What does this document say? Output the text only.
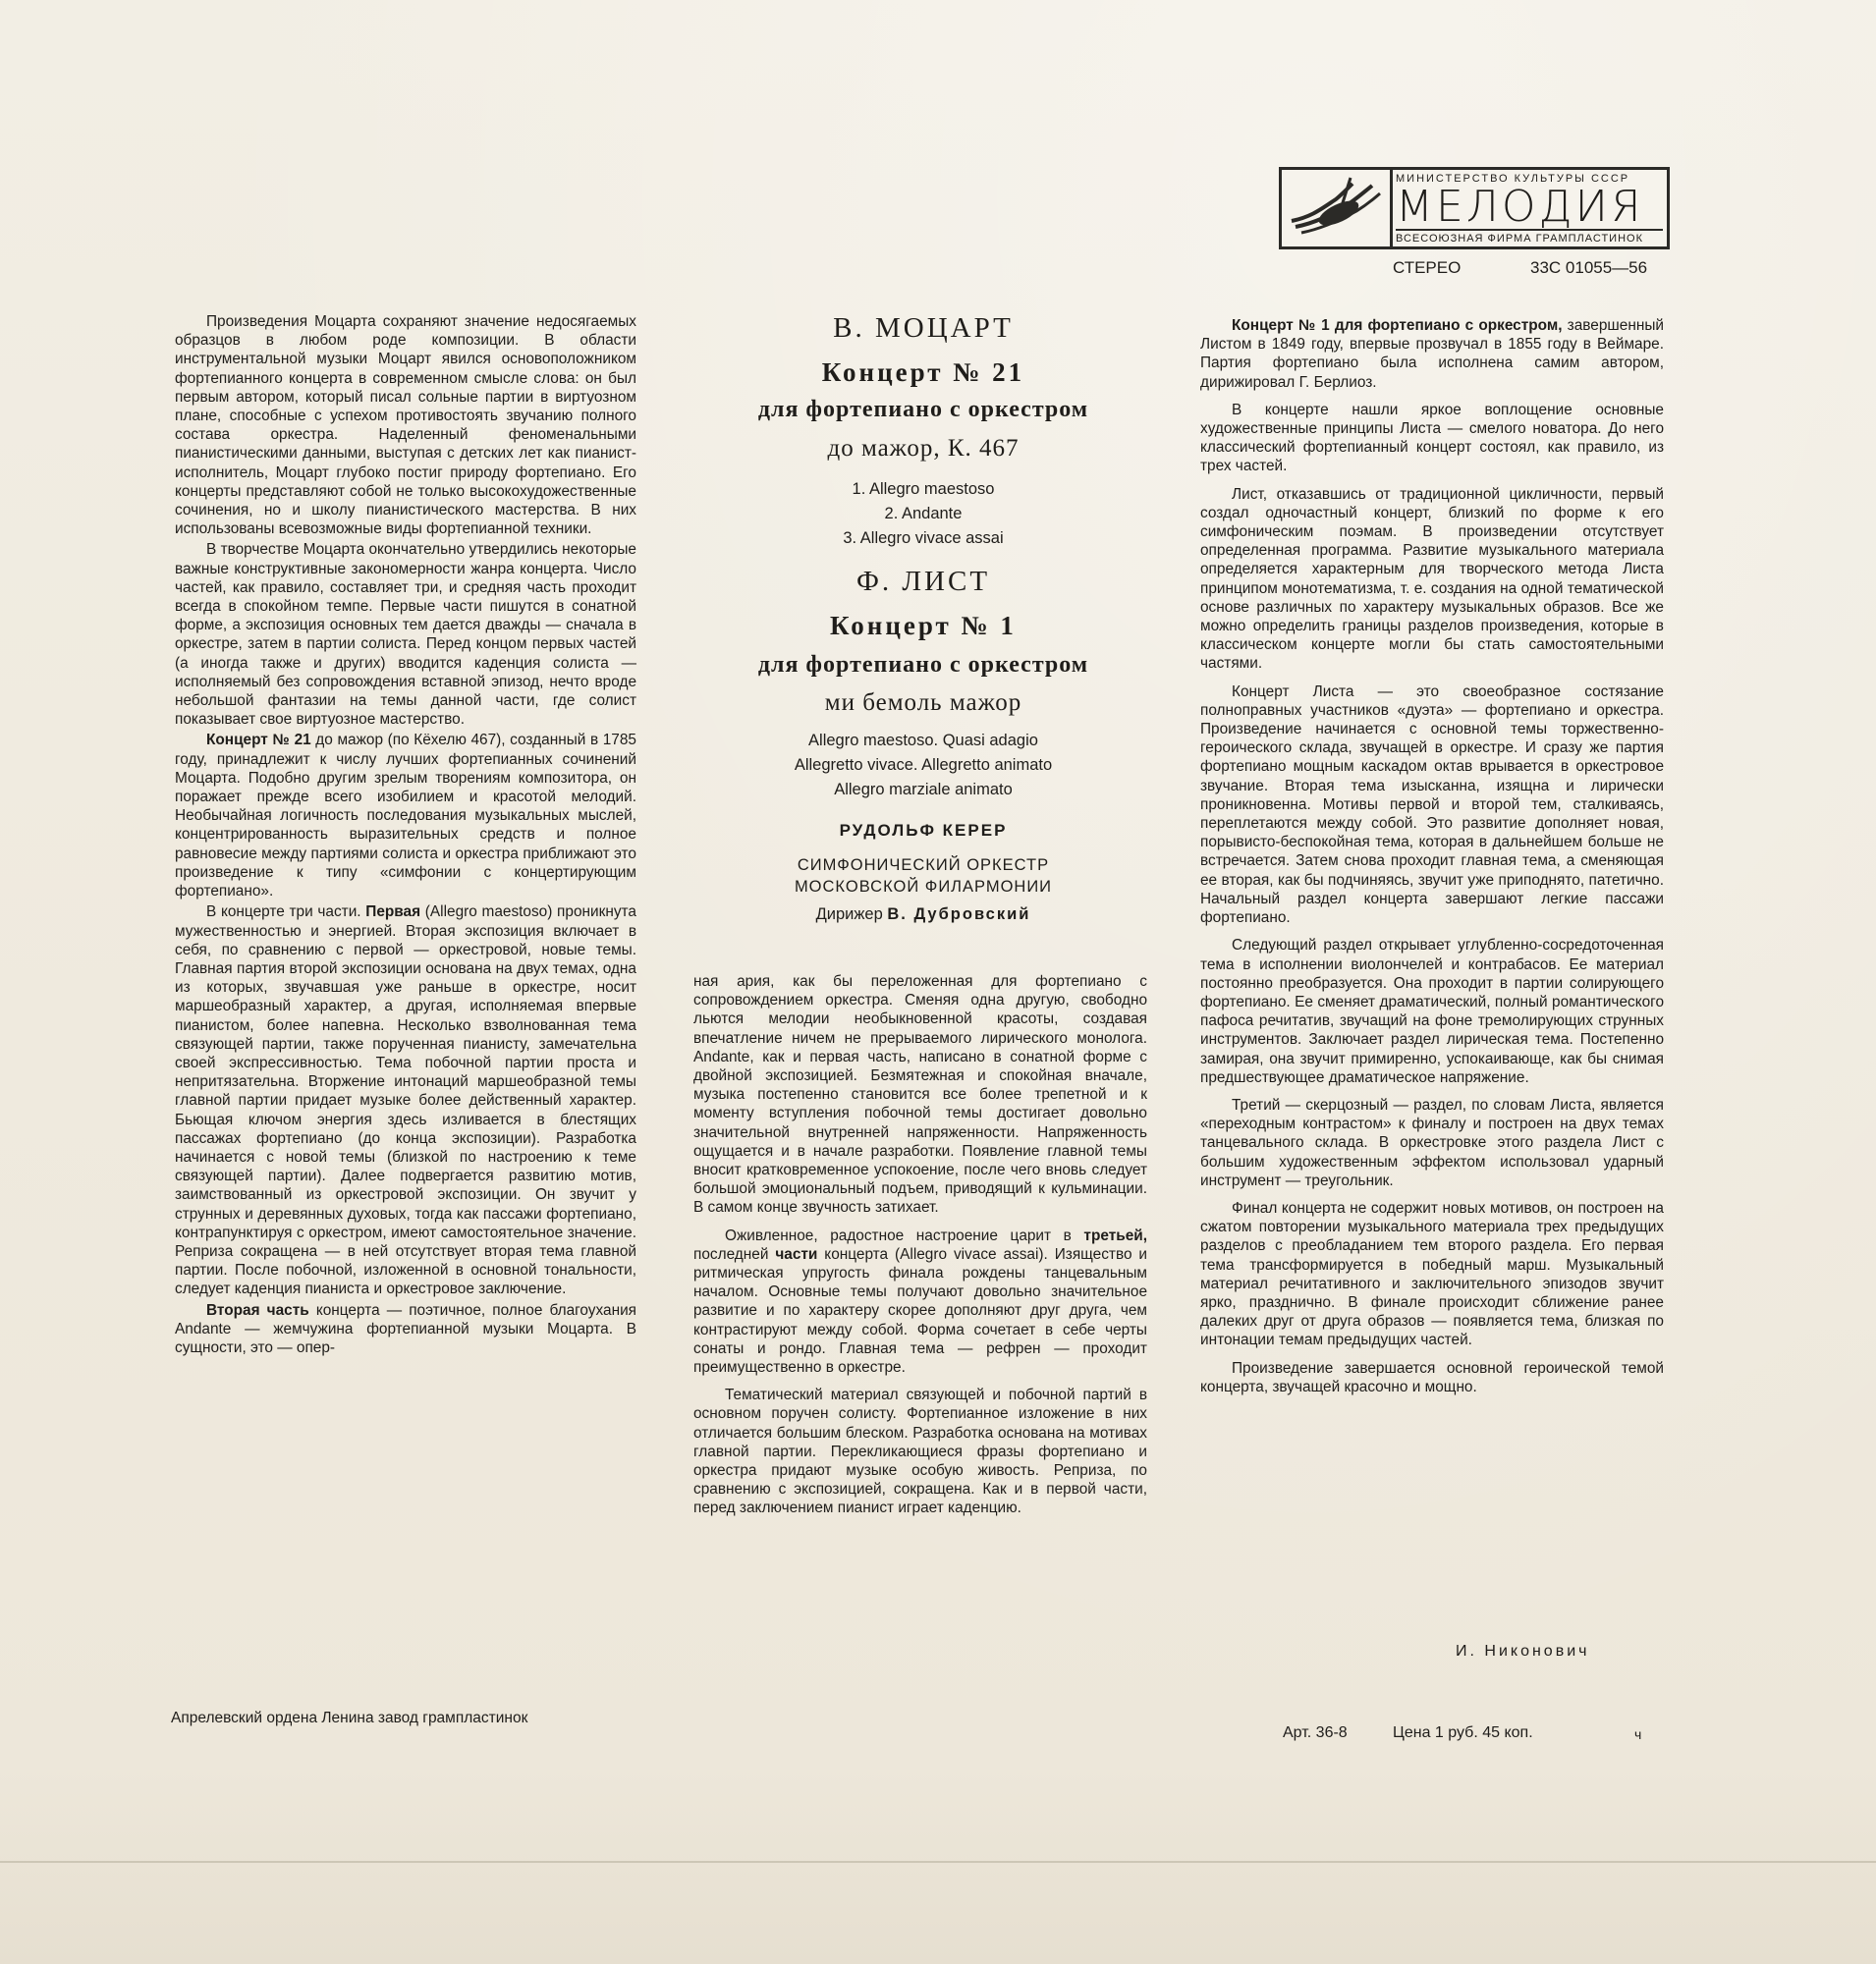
МИНИСТЕРСТВО КУЛЬТУРЫ СССР
МЕЛОДИЯ
ВСЕСОЮЗНАЯ ФИРМА ГРАМПЛАСТИНОК
СТЕРЕО	33С 01055—56

Произведения Моцарта сохраняют значение недосягаемых образцов в любом роде композиции. В области инструментальной музыки Моцарт явился основоположником фортепианного концерта в современном смысле слова: он был первым автором, который писал сольные партии в виртуозном плане, способные с успехом противостоять звучанию полного состава оркестра. Наделенный феноменальными пианистическими данными, выступая с детских лет как пианист-исполнитель, Моцарт глубоко постиг природу фортепиано. Его концерты представляют собой не только высокохудожественные сочинения, но и школу пианистического мастерства. В них использованы всевозможные виды фортепианной техники.

В творчестве Моцарта окончательно утвердились некоторые важные конструктивные закономерности жанра концерта. Число частей, как правило, составляет три, и средняя часть проходит всегда в спокойном темпе. Первые части пишутся в сонатной форме, а экспозиция основных тем дается дважды — сначала в оркестре, затем в партии солиста. Перед концом первых частей (а иногда также и других) вводится каденция солиста — исполняемый без сопровождения вставной эпизод, нечто вроде небольшой фантазии на темы данной части, где солист показывает свое виртуозное мастерство.

Концерт № 21 до мажор (по Кёхелю 467), созданный в 1785 году, принадлежит к числу лучших фортепианных сочинений Моцарта. Подобно другим зрелым творениям композитора, он поражает прежде всего изобилием и красотой мелодий. Необычайная логичность последования музыкальных мыслей, концентрированность выразительных средств и полное равновесие между партиями солиста и оркестра приближают это произведение к типу «симфонии с концертирующим фортепиано».

В концерте три части. Первая (Allegro maestoso) проникнута мужественностью и энергией. Вторая экспозиция включает в себя, по сравнению с первой — оркестровой, новые темы. Главная партия второй экспозиции основана на двух темах, одна из которых, звучавшая уже раньше в оркестре, носит маршеобразный характер, а другая, исполняемая впервые пианистом, более напевна. Несколько взволнованная тема связующей партии, также порученная пианисту, замечательна своей экспрессивностью. Тема побочной партии проста и непритязательна. Вторжение интонаций маршеобразной темы главной партии придает музыке более действенный характер. Бьющая ключом энергия здесь изливается в блестящих пассажах фортепиано (до конца экспозиции). Разработка начинается с новой темы (близкой по настроению к теме связующей партии). Далее подвергается развитию мотив, заимствованный из оркестровой экспозиции. Он звучит у струнных и деревянных духовых, тогда как пассажи фортепиано, контрапунктируя с оркестром, имеют самостоятельное значение. Реприза сокращена — в ней отсутствует вторая тема главной партии. После побочной, изложенной в основной тональности, следует каденция пианиста и оркестровое заключение.

Вторая часть концерта — поэтичное, полное благоухания Andante — жемчужина фортепианной музыки Моцарта. В сущности, это — опер-

В. МОЦАРТ
Концерт № 21
для фортепиано с оркестром
до мажор, К. 467
1. Allegro maestoso
2. Andante
3. Allegro vivace assai
Ф. ЛИСТ
Концерт № 1
для фортепиано с оркестром
ми бемоль мажор
Allegro maestoso. Quasi adagio
Allegretto vivace. Allegretto animato
Allegro marziale animato
РУДОЛЬФ КЕРЕР
СИМФОНИЧЕСКИЙ ОРКЕСТР
МОСКОВСКОЙ ФИЛАРМОНИИ
Дирижер В. Дубровский

ная ария, как бы переложенная для фортепиано с сопровождением оркестра. Сменяя одна другую, свободно льются мелодии необыкновенной красоты, создавая впечатление ничем не прерываемого лирического монолога. Andante, как и первая часть, написано в сонатной форме с двойной экспозицией. Безмятежная и спокойная вначале, музыка постепенно становится все более трепетной и к моменту вступления побочной темы достигает довольно значительной внутренней напряженности. Напряженность ощущается и в начале разработки. Появление главной темы вносит кратковременное успокоение, после чего вновь следует большой эмоциональный подъем, приводящий к кульминации. В самом конце звучность затихает.

Оживленное, радостное настроение царит в третьей, последней части концерта (Allegro vivace assai). Изящество и ритмическая упругость финала рождены танцевальным началом. Основные темы получают довольно значительное развитие и по характеру скорее дополняют друг друга, чем контрастируют между собой. Форма сочетает в себе черты сонаты и рондо. Главная тема — рефрен — проходит преимущественно в оркестре.

Тематический материал связующей и побочной партий в основном поручен солисту. Фортепианное изложение в них отличается большим блеском. Разработка основана на мотивах главной партии. Перекликающиеся фразы фортепиано и оркестра придают музыке особую живость. Реприза, по сравнению с экспозицией, сокращена. Как и в первой части, перед заключением пианист играет каденцию.

Концерт № 1 для фортепиано с оркестром, завершенный Листом в 1849 году, впервые прозвучал в 1855 году в Веймаре. Партия фортепиано была исполнена самим автором, дирижировал Г. Берлиоз.

В концерте нашли яркое воплощение основные художественные принципы Листа — смелого новатора. До него классический фортепианный концерт состоял, как правило, из трех частей.

Лист, отказавшись от традиционной цикличности, первый создал одночастный концерт, близкий по форме к его симфоническим поэмам. В произведении отсутствует определенная программа. Развитие музыкального материала определяется характерным для творческого метода Листа принципом монотематизма, т. е. создания на одной тематической основе различных по характеру музыкальных образов. Все же можно определить границы разделов произведения, которые в классическом концерте могли бы стать самостоятельными частями.

Концерт Листа — это своеобразное состязание полноправных участников «дуэта» — фортепиано и оркестра. Произведение начинается с основной темы торжественно-героического склада, звучащей в оркестре. И сразу же партия фортепиано мощным каскадом октав врывается в оркестровое звучание. Вторая тема изысканна, изящна и лирически проникновенна. Мотивы первой и второй тем, сталкиваясь, переплетаются между собой. Это развитие дополняет новая, порывисто-беспокойная тема, которая в дальнейшем больше не встречается. Затем снова проходит главная тема, а сменяющая ее вторая, как бы подчиняясь, звучит уже приподнято, патетично. Начальный раздел концерта завершают легкие пассажи фортепиано.

Следующий раздел открывает углубленно-сосредоточенная тема в исполнении виолончелей и контрабасов. Ее материал постоянно преобразуется. Она проходит в партии солирующего фортепиано. Ее сменяет драматический, полный романтического пафоса речитатив, звучащий на фоне тремолирующих струнных инструментов. Заключает раздел лирическая тема. Постепенно замирая, она звучит примиренно, успокаивающе, как бы снимая предшествующее драматическое напряжение.

Третий — скерцозный — раздел, по словам Листа, является «переходным контрастом» к финалу и построен на двух темах танцевального склада. В оркестровке этого раздела Лист с большим художественным эффектом использовал ударный инструмент — треугольник.

Финал концерта не содержит новых мотивов, он построен на сжатом повторении музыкального материала трех предыдущих разделов с преобладанием тем второго раздела. Его первая тема трансформируется в победный марш. Музыкальный материал речитативного и заключительного эпизодов звучит ярко, празднично. В финале происходит сближение ранее далеких друг от друга образов — появляется тема, близкая по интонации темам предыдущих частей.

Произведение завершается основной героической темой концерта, звучащей красочно и мощно.

И. Никонович
Апрелевский ордена Ленина завод грампластинок
Арт. 36-8	Цена 1 руб. 45 коп.	ч
